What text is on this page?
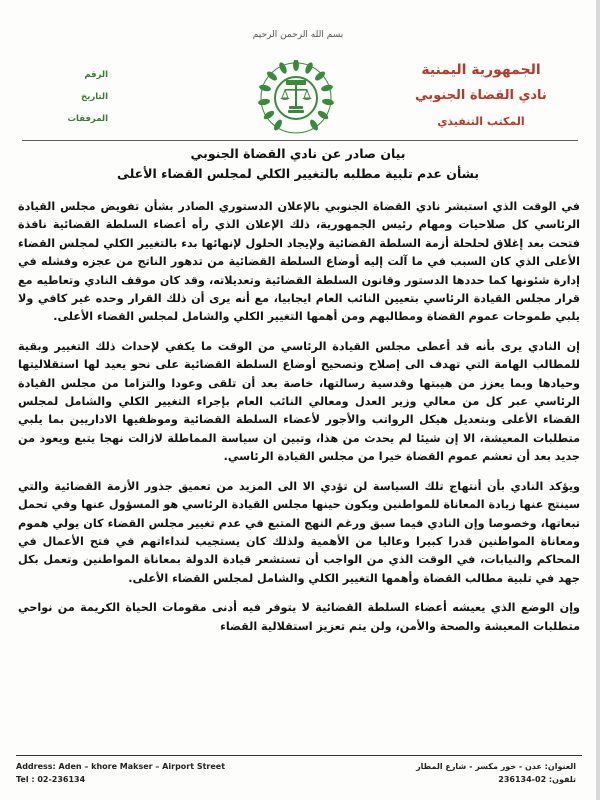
بسم الله الرحمن الرحيم
الجمهورية اليمنية
نادي القضاة الجنوبي
المكتب التنفيذي
الرقم
التاريخ
المرفقات
بيان صادر عن نادي القضاة الجنوبي
بشأن عدم تلبية مطلبه بالتغيير الكلي لمجلس القضاء الأعلى

في الوقت الذي استبشر نادي القضاة الجنوبي بالإعلان الدستوري الصادر بشأن تفويض مجلس القيادة الرئاسي كل صلاحيات ومهام رئيس الجمهورية، ذلك الإعلان الذي رأه أعضاء السلطة القضائية نافذة فتحت بعد إغلاق لحلحلة أزمة السلطة القضائية ولإيجاد الحلول لإنهائها بدء بالتغيير الكلي لمجلس القضاء الأعلى الذي كان السبب في ما آلت إليه أوضاع السلطة القضائية من تدهور الناتج من عجزه وفشله في إدارة شئونها كما حددها الدستور وقانون السلطة القضائية وتعديلاته، وقد كان موقف النادي وتعاطيه مع قرار مجلس القيادة الرئاسي بتعيين النائب العام ايجابيا، مع أنه يرى أن ذلك القرار وحده غير كافي ولا يلبي طموحات عموم القضاة ومطالبهم ومن أهمها التغيير الكلي والشامل لمجلس القضاء الأعلى.

إن النادي يرى بأنه قد أعطى مجلس القيادة الرئاسي من الوقت ما يكفي لإحداث ذلك التغيير وبقية للمطالب الهامة التي تهدف الى إصلاح وتصحيح أوضاع السلطة القضائية على نحو يعيد لها استقلاليتها وحيادها وبما يعزز من هيبتها وقدسية رسالتها، خاصة بعد أن تلقى وعودا والتزاما من مجلس القيادة الرئاسي عبر كل من معالي وزير العدل ومعالي النائب العام بإجراء التغيير الكلي والشامل لمجلس القضاء الأعلى وبتعديل هيكل الرواتب والأجور لأعضاء السلطة القضائية وموظفيها الاداريين بما يلبي متطلبات المعيشة، الا إن شيئا لم يحدث من هذا، وتبين ان سياسة المماطلة لازالت نهجا يتبع ويعود من جديد بعد أن تعشم عموم القضاة خيرا من مجلس القيادة الرئاسي.

ويؤكد النادي بأن أنتهاج تلك السياسة لن تؤدي الا الى المزيد من تعميق جذور الأزمة القضائية والتي سينتج عنها زيادة المعاناة للمواطنين ويكون حينها مجلس القيادة الرئاسي هو المسؤول عنها وفي تحمل تبعاتها، وخصوصا وإن النادي فيما سبق ورغم النهج المتبع في عدم تغيير مجلس القضاء كان يولي هموم ومعاناة المواطنين قدرا كبيرا وعاليا من الأهمية ولذلك كان يستجيب لنداءاتهم في فتح الأعمال في المحاكم والنيابات، في الوقت الذي من الواجب أن تستشعر قيادة الدولة بمعاناة المواطنين وتعمل بكل جهد في تلبية مطالب القضاة وأهمها التغيير الكلي والشامل لمجلس القضاء الأعلى.

وإن الوضع الذي يعيشه أعضاء السلطة القضائية لا يتوفر فيه أدنى مقومات الحياة الكريمة من نواحي متطلبات المعيشة والصحة والأمن، ولن يتم تعزيز استقلالية القضاء

Address: Aden – khore Makser – Airport Street
Tel : 02-236134
العنوان: عدن - خور مكسر - شارع المطار
تلفون: 02-236134
